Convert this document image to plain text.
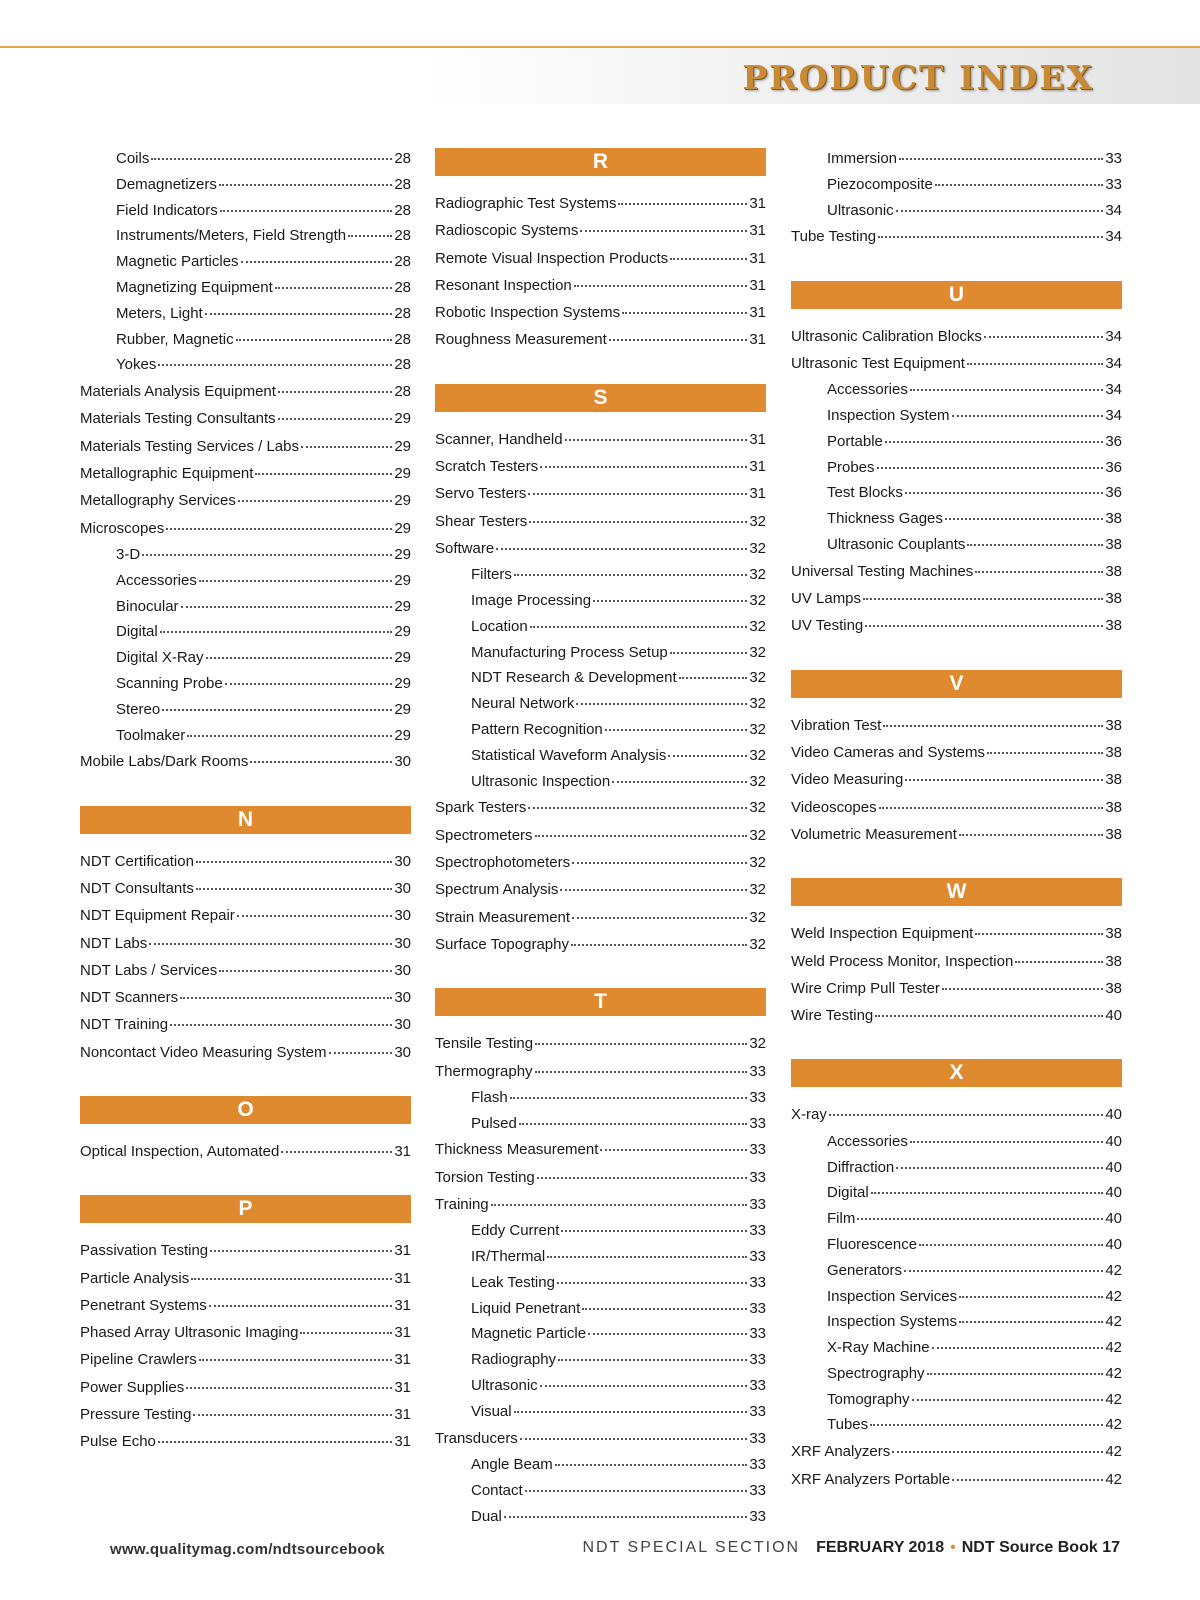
PRODUCT INDEX
Coils	28
Demagnetizers	28
Field Indicators	28
Instruments/Meters, Field Strength	28
Magnetic Particles	28
Magnetizing Equipment	28
Meters, Light	28
Rubber, Magnetic	28
Yokes	28
Materials Analysis Equipment	28
Materials Testing Consultants	29
Materials Testing Services / Labs	29
Metallographic Equipment	29
Metallography Services	29
Microscopes	29
3-D	29
Accessories	29
Binocular	29
Digital	29
Digital X-Ray	29
Scanning Probe	29
Stereo	29
Toolmaker	29
Mobile Labs/Dark Rooms	30
N
NDT Certification	30
NDT Consultants	30
NDT Equipment Repair	30
NDT Labs	30
NDT Labs / Services	30
NDT Scanners	30
NDT Training	30
Noncontact Video Measuring System	30
O
Optical Inspection, Automated	31
P
Passivation Testing	31
Particle Analysis	31
Penetrant Systems	31
Phased Array Ultrasonic Imaging	31
Pipeline Crawlers	31
Power Supplies	31
Pressure Testing	31
Pulse Echo	31
R
Radiographic Test Systems	31
Radioscopic Systems	31
Remote Visual Inspection Products	31
Resonant Inspection	31
Robotic Inspection Systems	31
Roughness Measurement	31
S
Scanner, Handheld	31
Scratch Testers	31
Servo Testers	31
Shear Testers	32
Software	32
Filters	32
Image Processing	32
Location	32
Manufacturing Process Setup	32
NDT Research & Development	32
Neural Network	32
Pattern Recognition	32
Statistical Waveform Analysis	32
Ultrasonic Inspection	32
Spark Testers	32
Spectrometers	32
Spectrophotometers	32
Spectrum Analysis	32
Strain Measurement	32
Surface Topography	32
T
Tensile Testing	32
Thermography	33
Flash	33
Pulsed	33
Thickness Measurement	33
Torsion Testing	33
Training	33
Eddy Current	33
IR/Thermal	33
Leak Testing	33
Liquid Penetrant	33
Magnetic Particle	33
Radiography	33
Ultrasonic	33
Visual	33
Transducers	33
Angle Beam	33
Contact	33
Dual	33
Immersion	33
Piezocomposite	33
Ultrasonic	34
Tube Testing	34
U
Ultrasonic Calibration Blocks	34
Ultrasonic Test Equipment	34
Accessories	34
Inspection System	34
Portable	36
Probes	36
Test Blocks	36
Thickness Gages	38
Ultrasonic Couplants	38
Universal Testing Machines	38
UV Lamps	38
UV Testing	38
V
Vibration Test	38
Video Cameras and Systems	38
Video Measuring	38
Videoscopes	38
Volumetric Measurement	38
W
Weld Inspection Equipment	38
Weld Process Monitor, Inspection	38
Wire Crimp Pull Tester	38
Wire Testing	40
X
X-ray	40
Accessories	40
Diffraction	40
Digital	40
Film	40
Fluorescence	40
Generators	42
Inspection Services	42
Inspection Systems	42
X-Ray Machine	42
Spectrography	42
Tomography	42
Tubes	42
XRF Analyzers	42
XRF Analyzers Portable	42
www.qualitymag.com/ndtsourcebook	NDT SPECIAL SECTION FEBRUARY 2018 • NDT Source Book 17
